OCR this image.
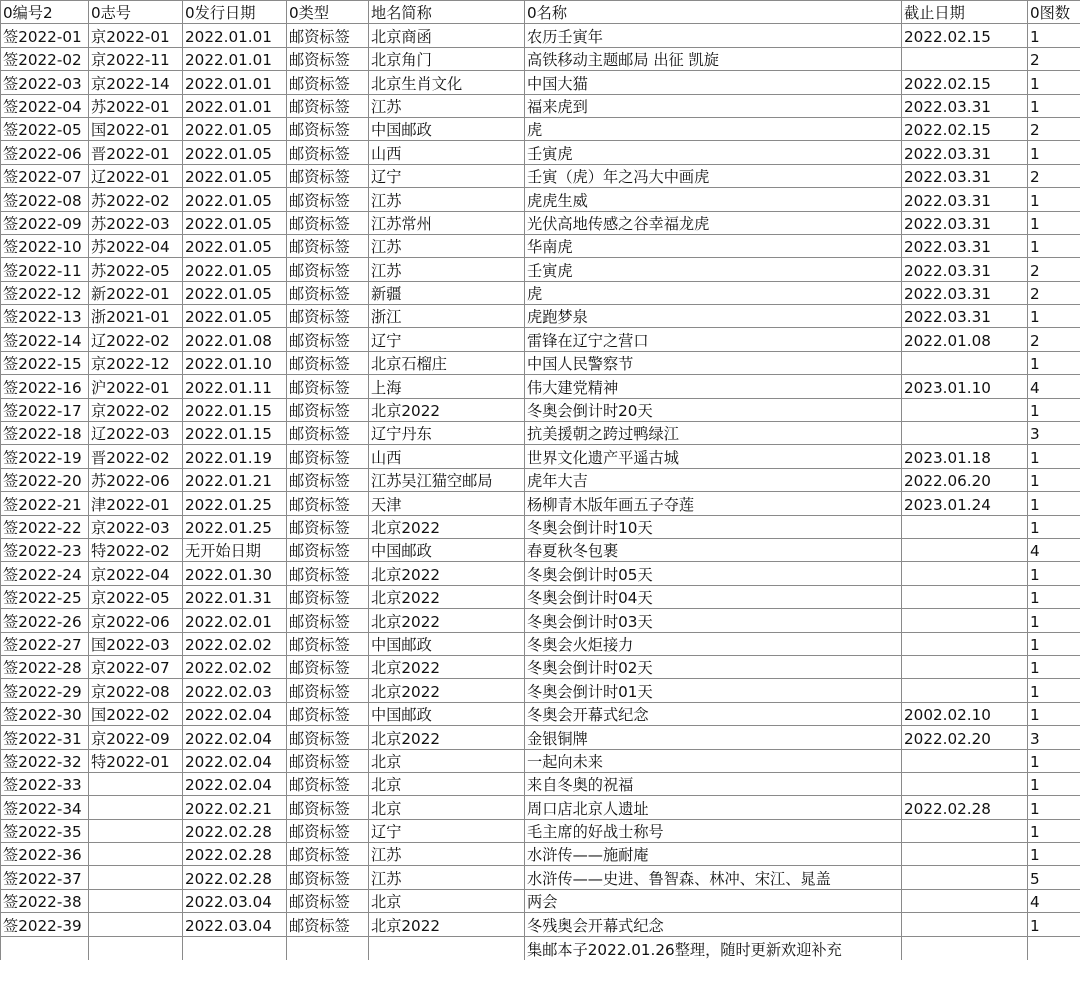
0编号2	0志号	0发行日期	0类型	地名简称	0名称	截止日期	0图数
签2022-01	京2022-01	2022.01.01	邮资标签	北京商函	农历壬寅年	2022.02.15	1
签2022-02	京2022-11	2022.01.01	邮资标签	北京角门	高铁移动主题邮局 出征 凯旋		2
签2022-03	京2022-14	2022.01.01	邮资标签	北京生肖文化	中国大猫	2022.02.15	1
签2022-04	苏2022-01	2022.01.01	邮资标签	江苏	福来虎到	2022.03.31	1
签2022-05	国2022-01	2022.01.05	邮资标签	中国邮政	虎	2022.02.15	2
签2022-06	晋2022-01	2022.01.05	邮资标签	山西	壬寅虎	2022.03.31	1
签2022-07	辽2022-01	2022.01.05	邮资标签	辽宁	壬寅（虎）年之冯大中画虎	2022.03.31	2
签2022-08	苏2022-02	2022.01.05	邮资标签	江苏	虎虎生威	2022.03.31	1
签2022-09	苏2022-03	2022.01.05	邮资标签	江苏常州	光伏高地传感之谷幸福龙虎	2022.03.31	1
签2022-10	苏2022-04	2022.01.05	邮资标签	江苏	华南虎	2022.03.31	1
签2022-11	苏2022-05	2022.01.05	邮资标签	江苏	壬寅虎	2022.03.31	2
签2022-12	新2022-01	2022.01.05	邮资标签	新疆	虎	2022.03.31	2
签2022-13	浙2021-01	2022.01.05	邮资标签	浙江	虎跑梦泉	2022.03.31	1
签2022-14	辽2022-02	2022.01.08	邮资标签	辽宁	雷锋在辽宁之营口	2022.01.08	2
签2022-15	京2022-12	2022.01.10	邮资标签	北京石榴庄	中国人民警察节		1
签2022-16	沪2022-01	2022.01.11	邮资标签	上海	伟大建党精神	2023.01.10	4
签2022-17	京2022-02	2022.01.15	邮资标签	北京2022	冬奥会倒计时20天		1
签2022-18	辽2022-03	2022.01.15	邮资标签	辽宁丹东	抗美援朝之跨过鸭绿江		3
签2022-19	晋2022-02	2022.01.19	邮资标签	山西	世界文化遗产平遥古城	2023.01.18	1
签2022-20	苏2022-06	2022.01.21	邮资标签	江苏吴江猫空邮局	虎年大吉	2022.06.20	1
签2022-21	津2022-01	2022.01.25	邮资标签	天津	杨柳青木版年画五子夺莲	2023.01.24	1
签2022-22	京2022-03	2022.01.25	邮资标签	北京2022	冬奥会倒计时10天		1
签2022-23	特2022-02	无开始日期	邮资标签	中国邮政	春夏秋冬包裹		4
签2022-24	京2022-04	2022.01.30	邮资标签	北京2022	冬奥会倒计时05天		1
签2022-25	京2022-05	2022.01.31	邮资标签	北京2022	冬奥会倒计时04天		1
签2022-26	京2022-06	2022.02.01	邮资标签	北京2022	冬奥会倒计时03天		1
签2022-27	国2022-03	2022.02.02	邮资标签	中国邮政	冬奥会火炬接力		1
签2022-28	京2022-07	2022.02.02	邮资标签	北京2022	冬奥会倒计时02天		1
签2022-29	京2022-08	2022.02.03	邮资标签	北京2022	冬奥会倒计时01天		1
签2022-30	国2022-02	2022.02.04	邮资标签	中国邮政	冬奥会开幕式纪念	2002.02.10	1
签2022-31	京2022-09	2022.02.04	邮资标签	北京2022	金银铜牌	2022.02.20	3
签2022-32	特2022-01	2022.02.04	邮资标签	北京	一起向未来		1
签2022-33		2022.02.04	邮资标签	北京	来自冬奥的祝福		1
签2022-34		2022.02.21	邮资标签	北京	周口店北京人遗址	2022.02.28	1
签2022-35		2022.02.28	邮资标签	辽宁	毛主席的好战士称号		1
签2022-36		2022.02.28	邮资标签	江苏	水浒传——施耐庵		1
签2022-37		2022.02.28	邮资标签	江苏	水浒传——史进、鲁智森、林冲、宋江、晁盖		5
签2022-38		2022.03.04	邮资标签	北京	两会		4
签2022-39		2022.03.04	邮资标签	北京2022	冬残奥会开幕式纪念		1
					集邮本子2022.01.26整理，随时更新欢迎补充		
